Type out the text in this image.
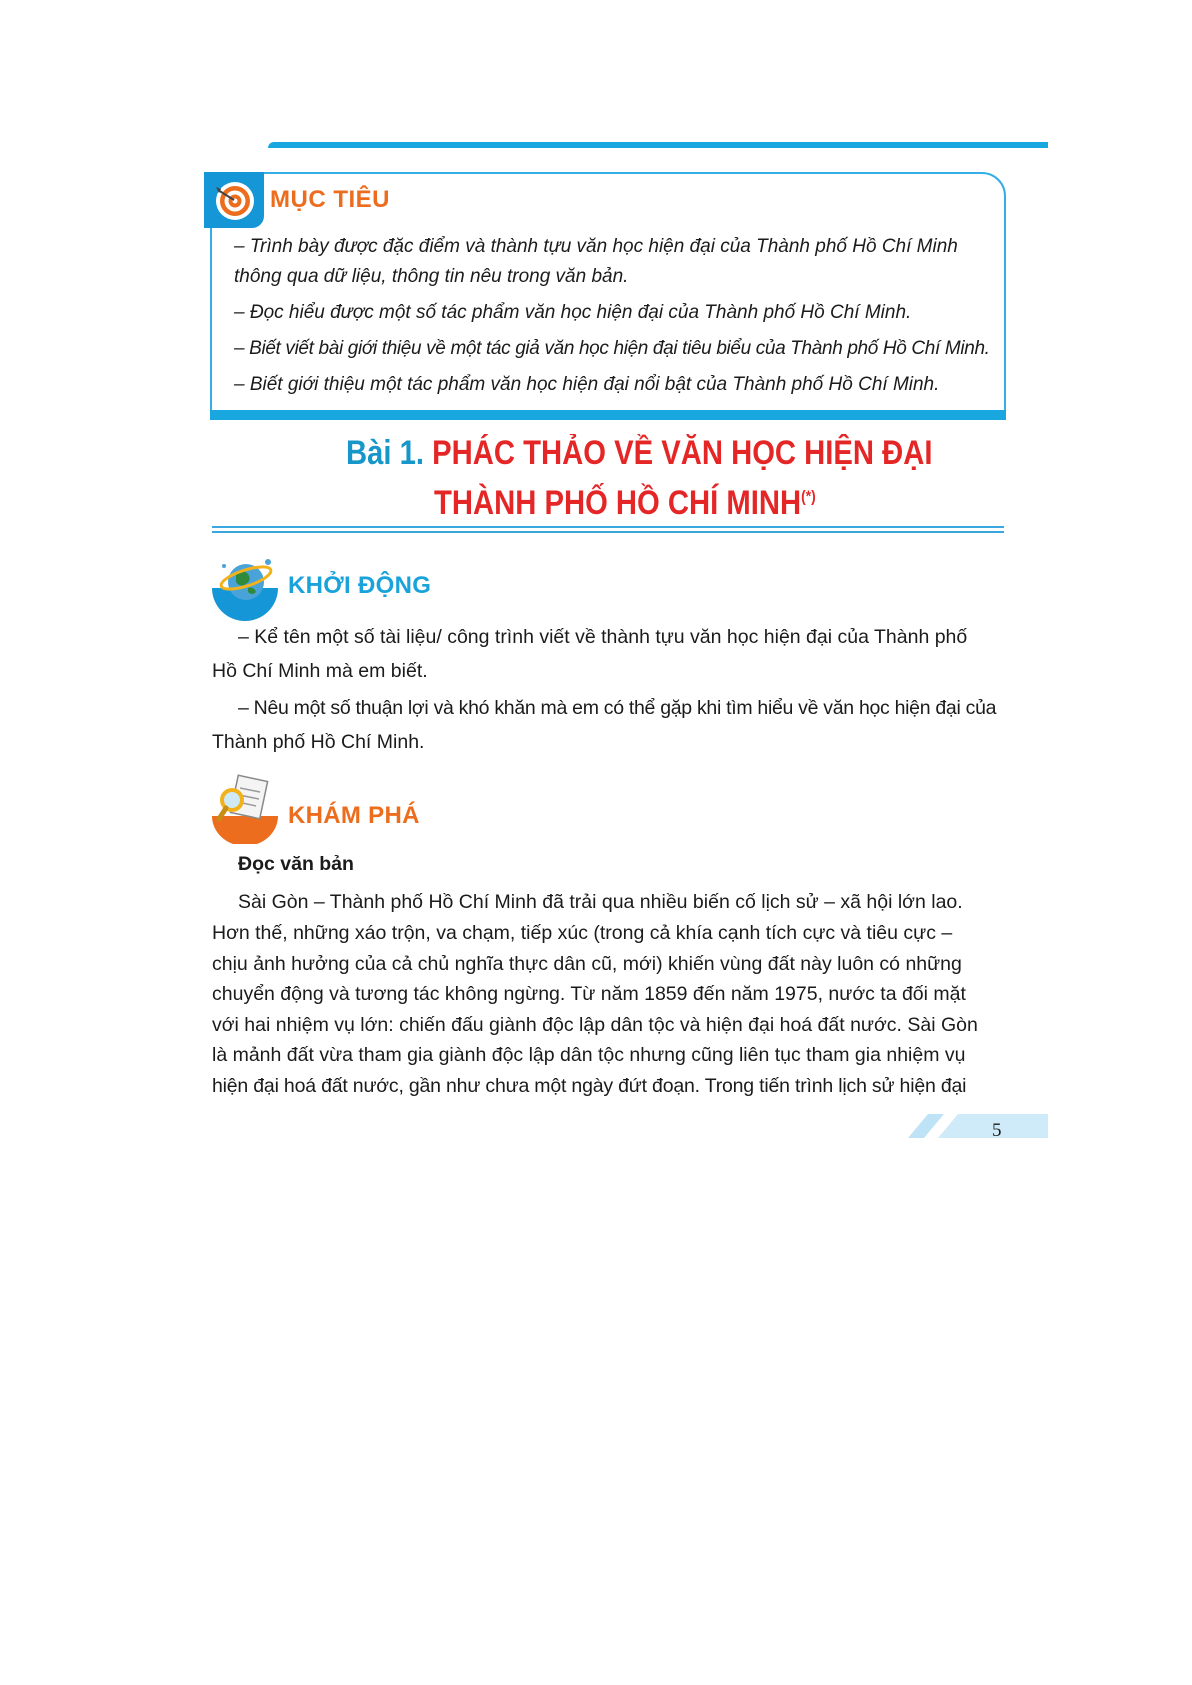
MỤC TIÊU
– Trình bày được đặc điểm và thành tựu văn học hiện đại của Thành phố Hồ Chí Minh
thông qua dữ liệu, thông tin nêu trong văn bản.
– Đọc hiểu được một số tác phẩm văn học hiện đại của Thành phố Hồ Chí Minh.
– Biết viết bài giới thiệu về một tác giả văn học hiện đại tiêu biểu của Thành phố Hồ Chí Minh.
– Biết giới thiệu một tác phẩm văn học hiện đại nổi bật của Thành phố Hồ Chí Minh.
Bài 1. PHÁC THẢO VỀ VĂN HỌC HIỆN ĐẠI
THÀNH PHỐ HỒ CHÍ MINH(*)
KHỞI ĐỘNG
– Kể tên một số tài liệu/ công trình viết về thành tựu văn học hiện đại của Thành phố
Hồ Chí Minh mà em biết.
– Nêu một số thuận lợi và khó khăn mà em có thể gặp khi tìm hiểu về văn học hiện đại của
Thành phố Hồ Chí Minh.
KHÁM PHÁ
Đọc văn bản
Sài Gòn – Thành phố Hồ Chí Minh đã trải qua nhiều biến cố lịch sử – xã hội lớn lao.
Hơn thế, những xáo trộn, va chạm, tiếp xúc (trong cả khía cạnh tích cực và tiêu cực –
chịu ảnh hưởng của cả chủ nghĩa thực dân cũ, mới) khiến vùng đất này luôn có những
chuyển động và tương tác không ngừng. Từ năm 1859 đến năm 1975, nước ta đối mặt
với hai nhiệm vụ lớn: chiến đấu giành độc lập dân tộc và hiện đại hoá đất nước. Sài Gòn
là mảnh đất vừa tham gia giành độc lập dân tộc nhưng cũng liên tục tham gia nhiệm vụ
hiện đại hoá đất nước, gần như chưa một ngày đứt đoạn. Trong tiến trình lịch sử hiện đại
5
